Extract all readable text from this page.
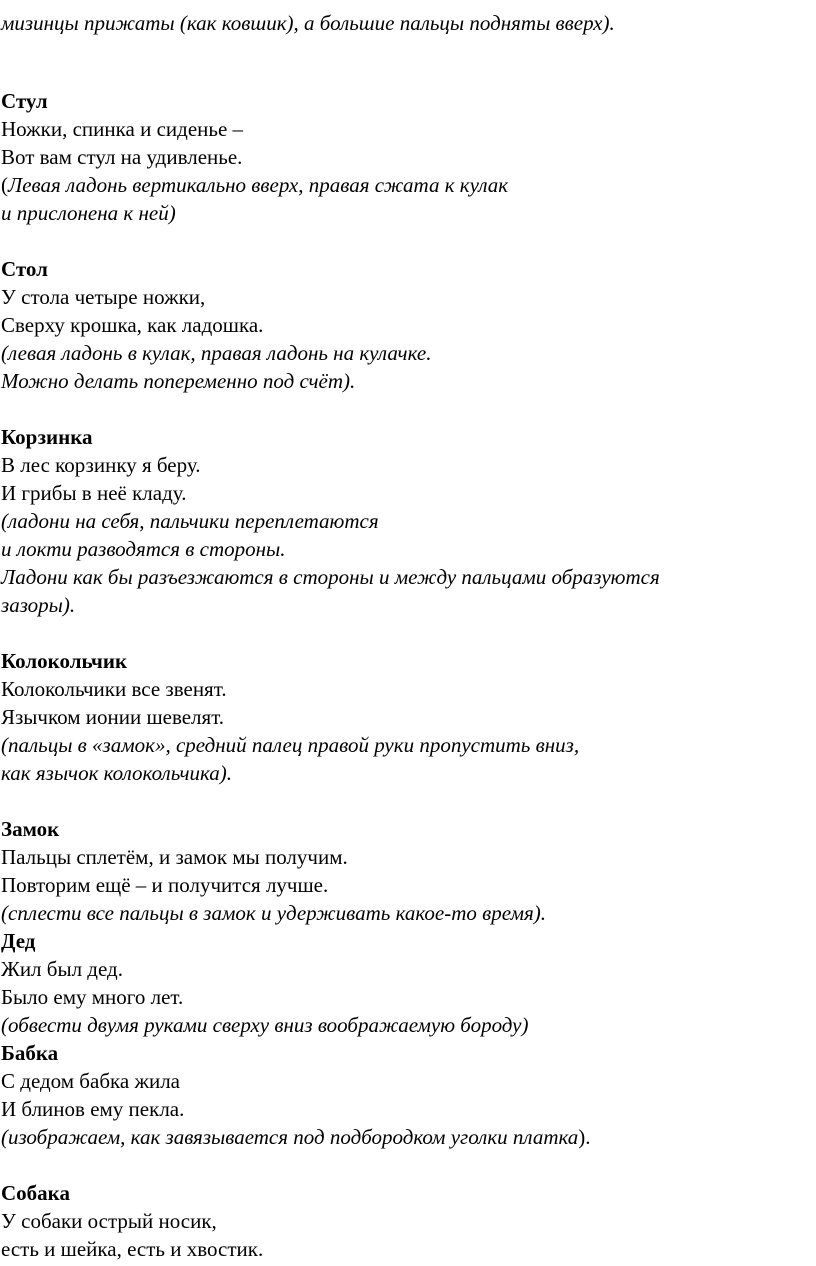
мизинцы прижаты (как ковшик), а большие пальцы подняты вверх).
Стул
Ножки, спинка и сиденье –
Вот вам стул на удивленье.
(Левая ладонь вертикально вверх, правая сжата к кулак
и прислонена к ней)
Стол
У стола четыре ножки,
Сверху крошка, как ладошка.
(левая ладонь в кулак, правая ладонь на кулачке.
Можно делать попеременно под счёт).
Корзинка
В лес корзинку я беру.
И грибы в неё кладу.
(ладони на себя, пальчики переплетаются
и локти разводятся в стороны.
Ладони как бы разъезжаются в стороны и между пальцами образуются
зазоры).
Колокольчик
Колокольчики все звенят.
Язычком ионии шевелят.
(пальцы в «замок», средний палец правой руки пропустить вниз,
как язычок колокольчика).
Замок
Пальцы сплетём, и замок мы получим.
Повторим ещё – и получится лучше.
(сплести все пальцы в замок и удерживать какое-то время).
Дед
Жил был дед.
Было ему много лет.
(обвести двумя руками сверху вниз воображаемую бороду)
Бабка
С дедом бабка жила
И блинов ему пекла.
(изображаем, как завязывается под подбородком уголки платка).
Собака
У собаки острый носик,
есть и шейка, есть и хвостик.
